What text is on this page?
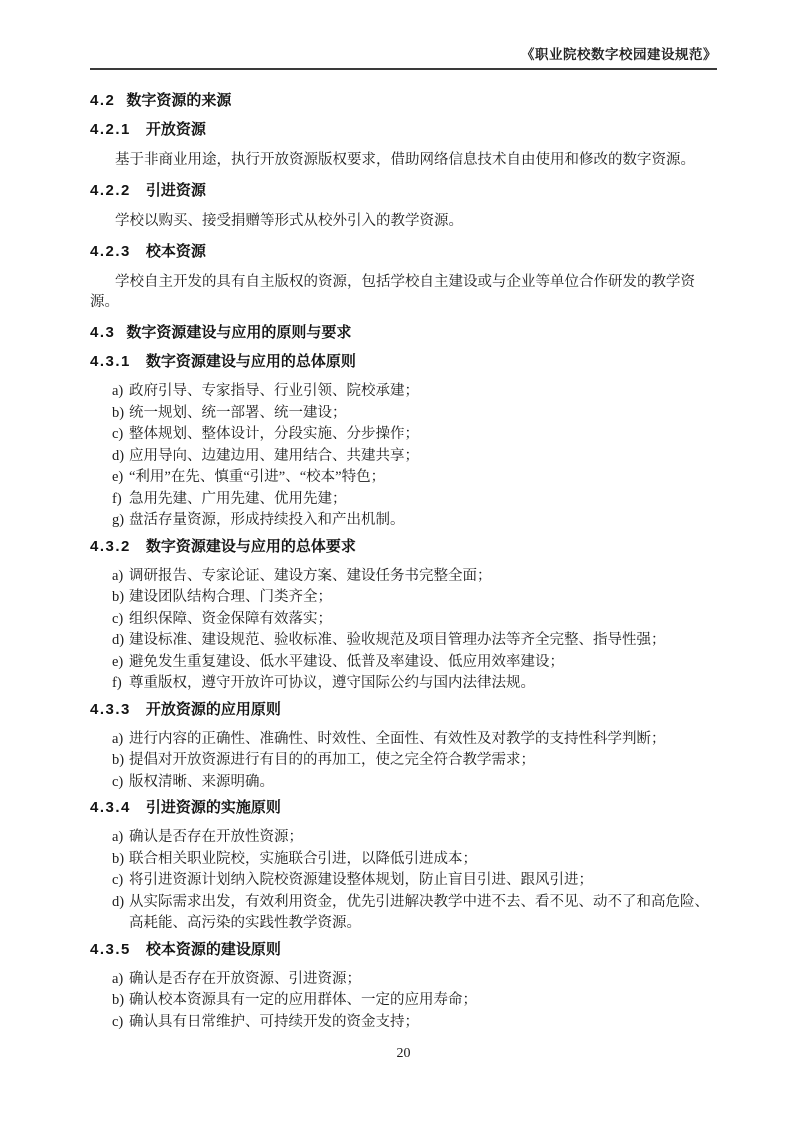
《职业院校数字校园建设规范》
4.2 数字资源的来源
4.2.1 开放资源
基于非商业用途，执行开放资源版权要求，借助网络信息技术自由使用和修改的数字资源。
4.2.2 引进资源
学校以购买、接受捐赠等形式从校外引入的教学资源。
4.2.3 校本资源
学校自主开发的具有自主版权的资源，包括学校自主建设或与企业等单位合作研发的教学资源。
4.3 数字资源建设与应用的原则与要求
4.3.1 数字资源建设与应用的总体原则
a) 政府引导、专家指导、行业引领、院校承建；
b) 统一规划、统一部署、统一建设；
c) 整体规划、整体设计，分段实施、分步操作；
d) 应用导向、边建边用、建用结合、共建共享；
e) “利用”在先、慎重“引进”、“校本”特色；
f) 急用先建、广用先建、优用先建；
g) 盘活存量资源，形成持续投入和产出机制。
4.3.2 数字资源建设与应用的总体要求
a) 调研报告、专家论证、建设方案、建设任务书完整全面；
b) 建设团队结构合理、门类齐全；
c) 组织保障、资金保障有效落实；
d) 建设标准、建设规范、验收标准、验收规范及项目管理办法等齐全完整、指导性强；
e) 避免发生重复建设、低水平建设、低普及率建设、低应用效率建设；
f) 尊重版权，遵守开放许可协议，遵守国际公约与国内法律法规。
4.3.3 开放资源的应用原则
a) 进行内容的正确性、准确性、时效性、全面性、有效性及对教学的支持性科学判断；
b) 提倡对开放资源进行有目的的再加工，使之完全符合教学需求；
c) 版权清晰、来源明确。
4.3.4 引进资源的实施原则
a) 确认是否存在开放性资源；
b) 联合相关职业院校，实施联合引进，以降低引进成本；
c) 将引进资源计划纳入院校资源建设整体规划，防止盲目引进、跟风引进；
d) 从实际需求出发，有效利用资金，优先引进解决教学中进不去、看不见、动不了和高危险、高耗能、高污染的实践性教学资源。
4.3.5 校本资源的建设原则
a) 确认是否存在开放资源、引进资源；
b) 确认校本资源具有一定的应用群体、一定的应用寿命；
c) 确认具有日常维护、可持续开发的资金支持；
20
